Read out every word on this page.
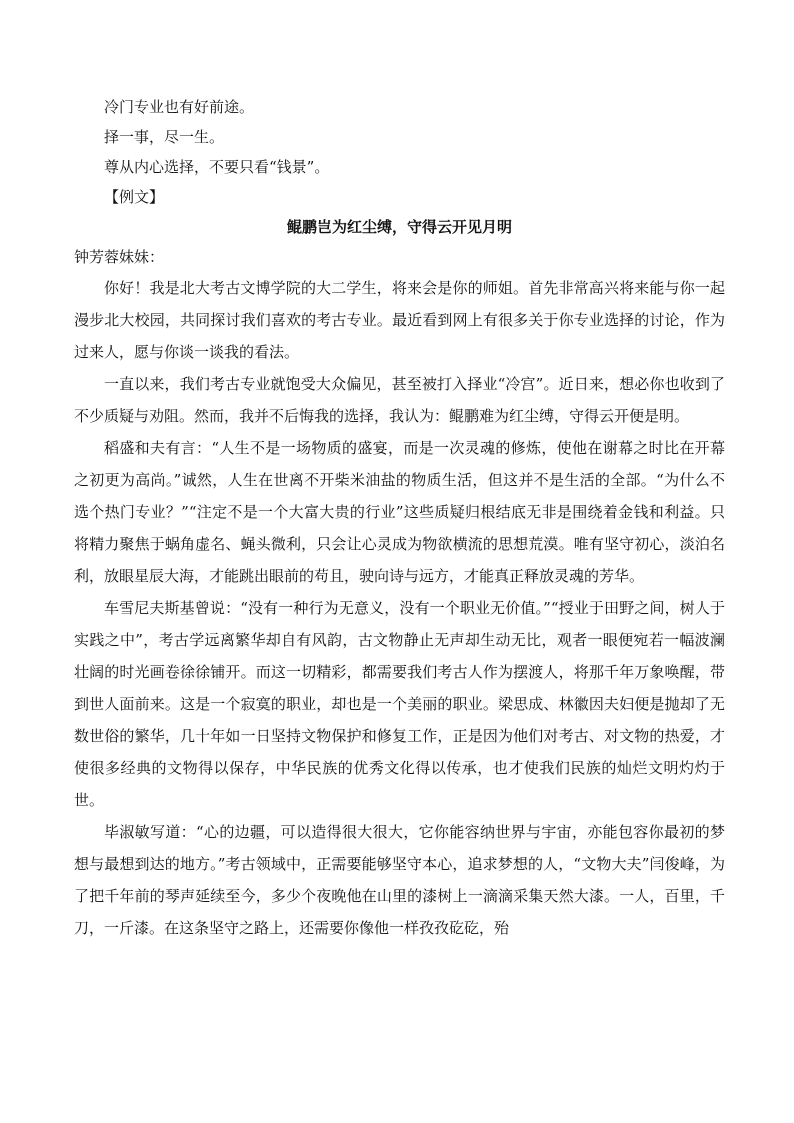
冷门专业也有好前途。

择一事，尽一生。

尊从内心选择，不要只看“钱景”。

【例文】

鲲鹏岂为红尘缚，守得云开见月明

钟芳蓉妹妹：

你好！我是北大考古文博学院的大二学生，将来会是你的师姐。首先非常高兴将来能与你一起漫步北大校园，共同探讨我们喜欢的考古专业。最近看到网上有很多关于你专业选择的讨论，作为过来人，愿与你谈一谈我的看法。

一直以来，我们考古专业就饱受大众偏见，甚至被打入择业“冷宫”。近日来，想必你也收到了不少质疑与劝阻。然而，我并不后悔我的选择，我认为：鲲鹏难为红尘缚，守得云开便是明。

稻盛和夫有言：“人生不是一场物质的盛宴，而是一次灵魂的修炼，使他在谢幕之时比在开幕之初更为高尚。”诚然，人生在世离不开柴米油盐的物质生活，但这并不是生活的全部。“为什么不选个热门专业？”“注定不是一个大富大贵的行业”这些质疑归根结底无非是围绕着金钱和利益。只将精力聚焦于蜗角虚名、蝇头微利，只会让心灵成为物欲横流的思想荒漠。唯有坚守初心，淡泊名利，放眼星辰大海，才能跳出眼前的苟且，驶向诗与远方，才能真正释放灵魂的芳华。

车雪尼夫斯基曾说：“没有一种行为无意义，没有一个职业无价值。”“授业于田野之间，树人于实践之中”，考古学远离繁华却自有风韵，古文物静止无声却生动无比，观者一眼便宛若一幅波澜壮阔的时光画卷徐徐铺开。而这一切精彩，都需要我们考古人作为摆渡人，将那千年万象唤醒，带到世人面前来。这是一个寂寞的职业，却也是一个美丽的职业。梁思成、林徽因夫妇便是抛却了无数世俗的繁华，几十年如一日坚持文物保护和修复工作，正是因为他们对考古、对文物的热爱，才使很多经典的文物得以保存，中华民族的优秀文化得以传承，也才使我们民族的灿烂文明灼灼于世。

毕淑敏写道：“心的边疆，可以造得很大很大，它你能容纳世界与宇宙，亦能包容你最初的梦想与最想到达的地方。”考古领域中，正需要能够坚守本心，追求梦想的人，“文物大夫”闫俊峰，为了把千年前的琴声延续至今，多少个夜晚他在山里的漆树上一滴滴采集天然大漆。一人，百里，千刀，一斤漆。在这条坚守之路上，还需要你像他一样孜孜矻矻，殆
